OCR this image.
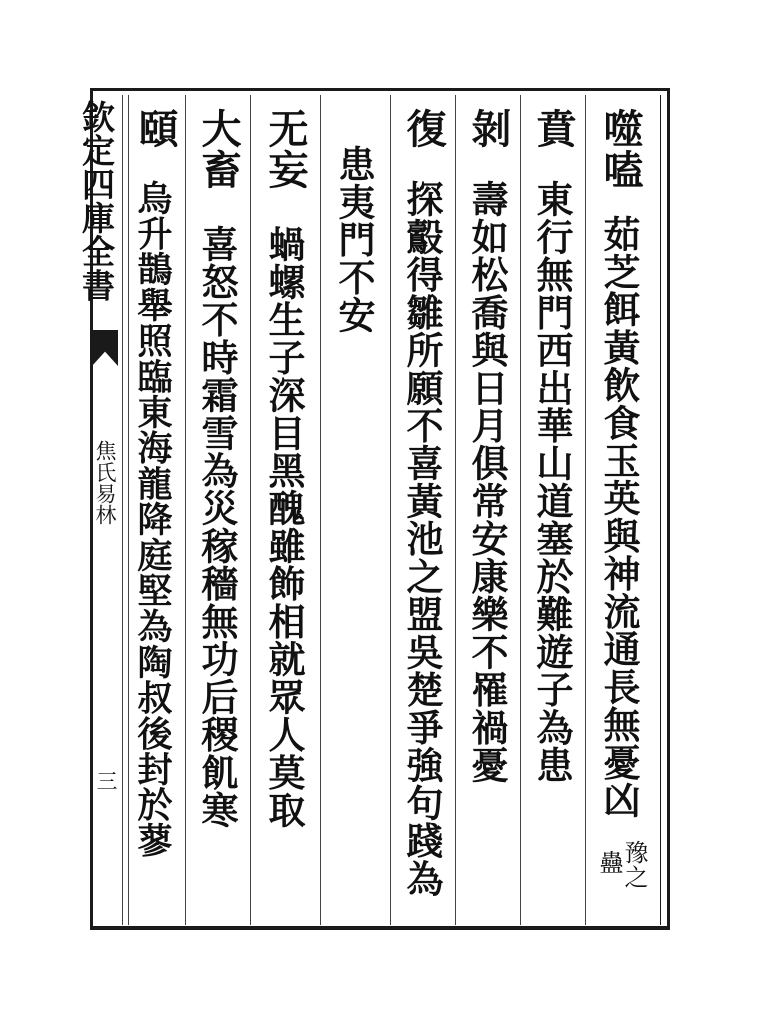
欽定四庫全書
焦氏易林
三
噬嗑
茹芝餌黃飲食玉英與神流通長無憂凶
豫之
蠱
賁
東行無門西出華山道塞於難遊子為患
剝
壽如松喬與日月俱常安康樂不罹禍憂
復
探鷇得雛所願不喜黃池之盟吳楚爭強句踐為
患夷門不安
无妄
蝸螺生子深目黑醜雖飾相就眾人莫取
大畜
喜怒不時霜雪為災稼穡無功后稷飢寒
頤
烏升鵲舉照臨東海龍降庭堅為陶叔後封於蓼
